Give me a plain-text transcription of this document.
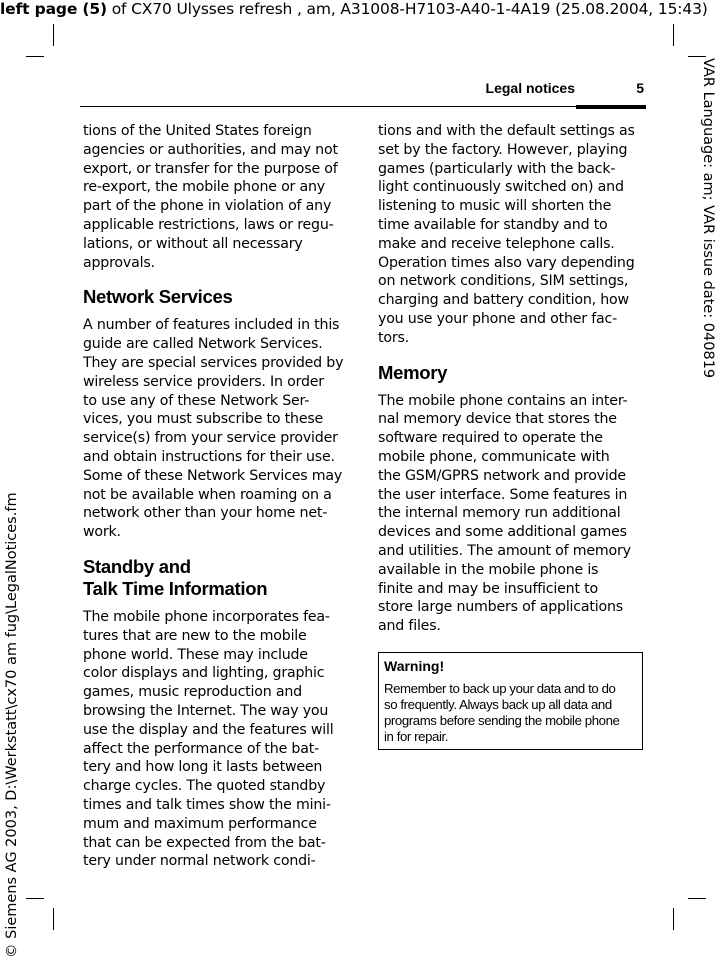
left page (5) of CX70 Ulysses refresh , am, A31008-H7103-A40-1-4A19 (25.08.2004, 15:43)
VAR Language: am; VAR issue date: 040819
© Siemens AG 2003, D:\Werkstatt\cx70 am fug\LegalNotices.fm
Legal notices	5

tions of the United States foreign
agencies or authorities, and may not
export, or transfer for the purpose of
re-export, the mobile phone or any
part of the phone in violation of any
applicable restrictions, laws or regu-
lations, or without all necessary
approvals.

Network Services

A number of features included in this
guide are called Network Services.
They are special services provided by
wireless service providers. In order
to use any of these Network Ser-
vices, you must subscribe to these
service(s) from your service provider
and obtain instructions for their use.
Some of these Network Services may
not be available when roaming on a
network other than your home net-
work.

Standby and
Talk Time Information

The mobile phone incorporates fea-
tures that are new to the mobile
phone world. These may include
color displays and lighting, graphic
games, music reproduction and
browsing the Internet. The way you
use the display and the features will
affect the performance of the bat-
tery and how long it lasts between
charge cycles. The quoted standby
times and talk times show the mini-
mum and maximum performance
that can be expected from the bat-
tery under normal network condi-

tions and with the default settings as
set by the factory. However, playing
games (particularly with the back-
light continuously switched on) and
listening to music will shorten the
time available for standby and to
make and receive telephone calls.
Operation times also vary depending
on network conditions, SIM settings,
charging and battery condition, how
you use your phone and other fac-
tors.

Memory

The mobile phone contains an inter-
nal memory device that stores the
software required to operate the
mobile phone, communicate with
the GSM/GPRS network and provide
the user interface. Some features in
the internal memory run additional
devices and some additional games
and utilities. The amount of memory
available in the mobile phone is
finite and may be insufficient to
store large numbers of applications
and files.

Warning!
Remember to back up your data and to do
so frequently. Always back up all data and
programs before sending the mobile phone
in for repair.
